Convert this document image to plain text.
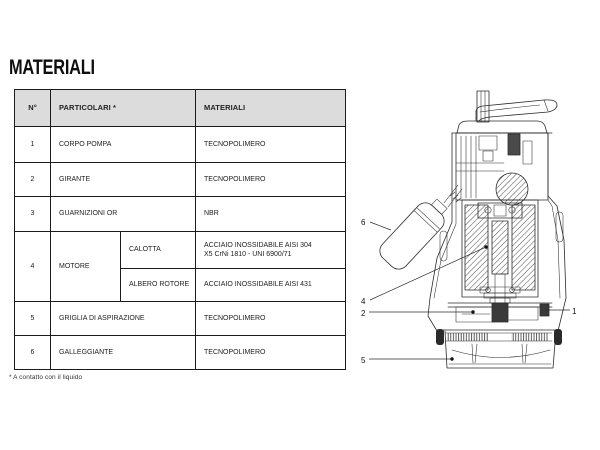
MATERIALI
N°	PARTICOLARI *		MATERIALI
1	CORPO POMPA		TECNOPOLIMERO
2	GIRANTE		TECNOPOLIMERO
3	GUARNIZIONI OR		NBR
4	MOTORE	CALOTTA	ACCIAIO INOSSIDABILE AISI 304
X5 CrNi 1810 - UNI 6900/71

		ALBERO ROTORE	ACCIAIO INOSSIDABILE AISI 431
5	GRIGLIA DI ASPIRAZIONE		TECNOPOLIMERO
6	GALLEGGIANTE		TECNOPOLIMERO
* A contatto con il liquido
6
4
2	1
5
